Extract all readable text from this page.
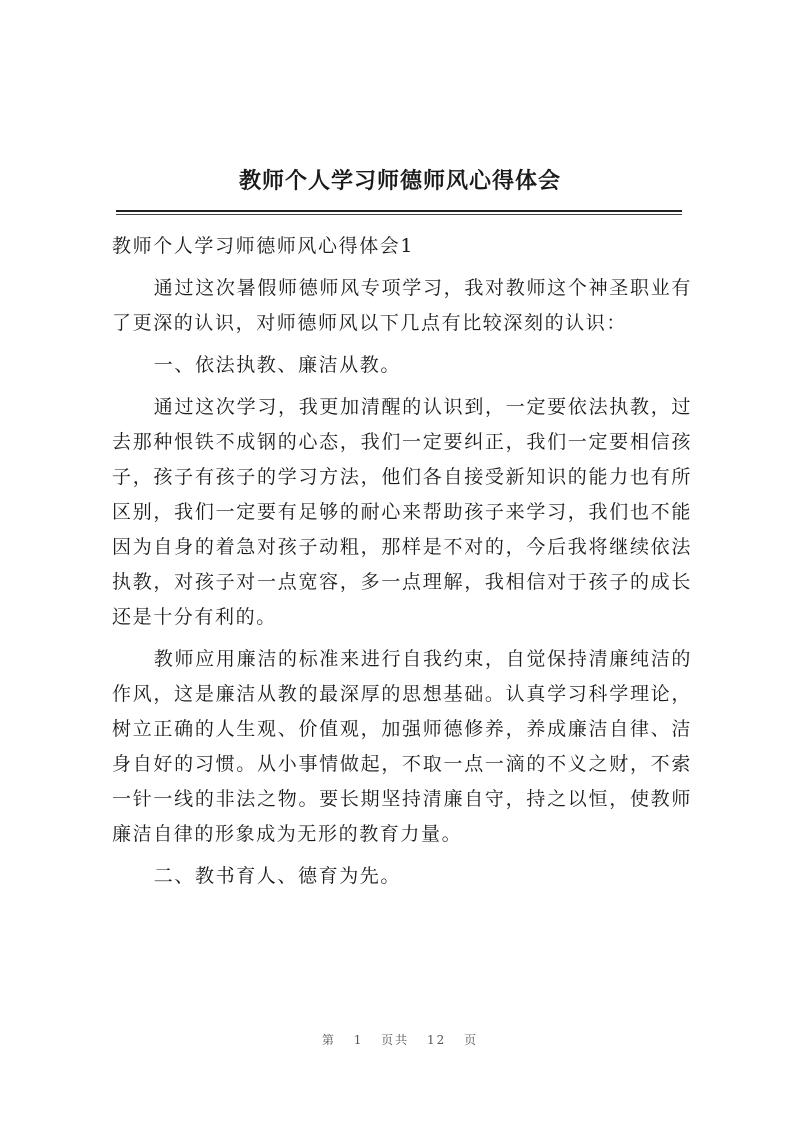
教师个人学习师德师风心得体会

教师个人学习师德师风心得体会1

通过这次暑假师德师风专项学习，我对教师这个神圣职业有了更深的认识，对师德师风以下几点有比较深刻的认识：

一、依法执教、廉洁从教。

通过这次学习，我更加清醒的认识到，一定要依法执教，过去那种恨铁不成钢的心态，我们一定要纠正，我们一定要相信孩子，孩子有孩子的学习方法，他们各自接受新知识的能力也有所区别，我们一定要有足够的耐心来帮助孩子来学习，我们也不能因为自身的着急对孩子动粗，那样是不对的，今后我将继续依法执教，对孩子对一点宽容，多一点理解，我相信对于孩子的成长还是十分有利的。

教师应用廉洁的标准来进行自我约束，自觉保持清廉纯洁的作风，这是廉洁从教的最深厚的思想基础。认真学习科学理论，树立正确的人生观、价值观，加强师德修养，养成廉洁自律、洁身自好的习惯。从小事情做起，不取一点一滴的不义之财，不索一针一线的非法之物。要长期坚持清廉自守，持之以恒，使教师廉洁自律的形象成为无形的教育力量。

二、教书育人、德育为先。

第 1 页共 12 页
